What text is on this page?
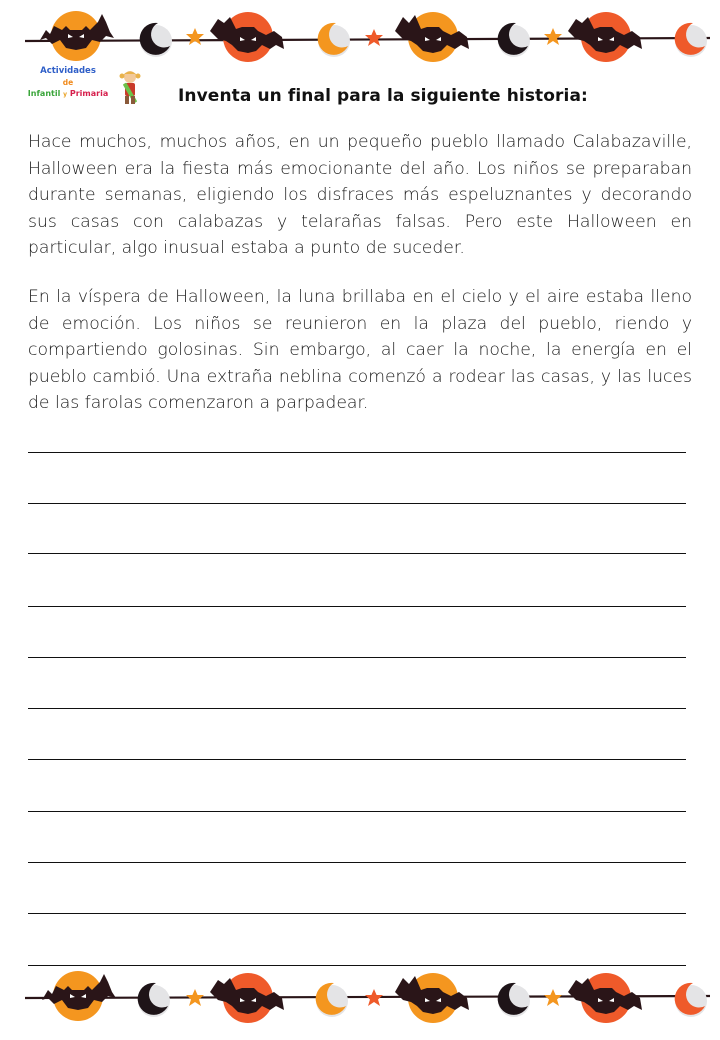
Actividades
de
Infantil y Primaria	Inventa un final para la siguiente historia:

Hace muchos, muchos años, en un pequeño pueblo llamado Calabazaville, Halloween era la fiesta más emocionante del año. Los niños se preparaban durante semanas, eligiendo los disfraces más espeluznantes y decorando sus casas con calabazas y telarañas falsas. Pero este Halloween en particular, algo inusual estaba a punto de suceder.

En la víspera de Halloween, la luna brillaba en el cielo y el aire estaba lleno de emoción. Los niños se reunieron en la plaza del pueblo, riendo y compartiendo golosinas. Sin embargo, al caer la noche, la energía en el pueblo cambió. Una extraña neblina comenzó a rodear las casas, y las luces de las farolas comenzaron a parpadear.
